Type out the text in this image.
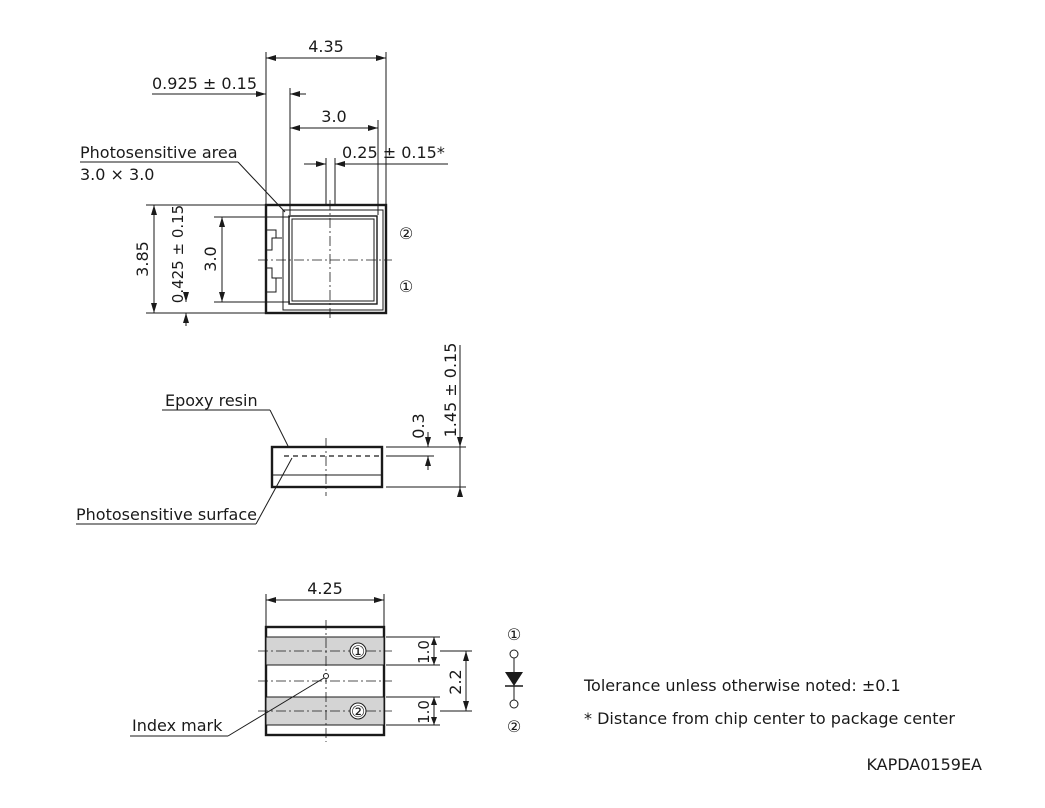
4.35
0.925 ± 0.15
3.0
0.25 ± 0.15*
Photosensitive area
3.0 × 3.0
3.85	3.0
0.425 ± 0.15	②
①
Epoxy resin
Photosensitive surface
0.3 1.45 ± 0.15
①
②
Index mark
4.25
1.0
1.0
2.2
①
②
Tolerance unless otherwise noted: ±0.1
* Distance from chip center to package center
KAPDA0159EA
